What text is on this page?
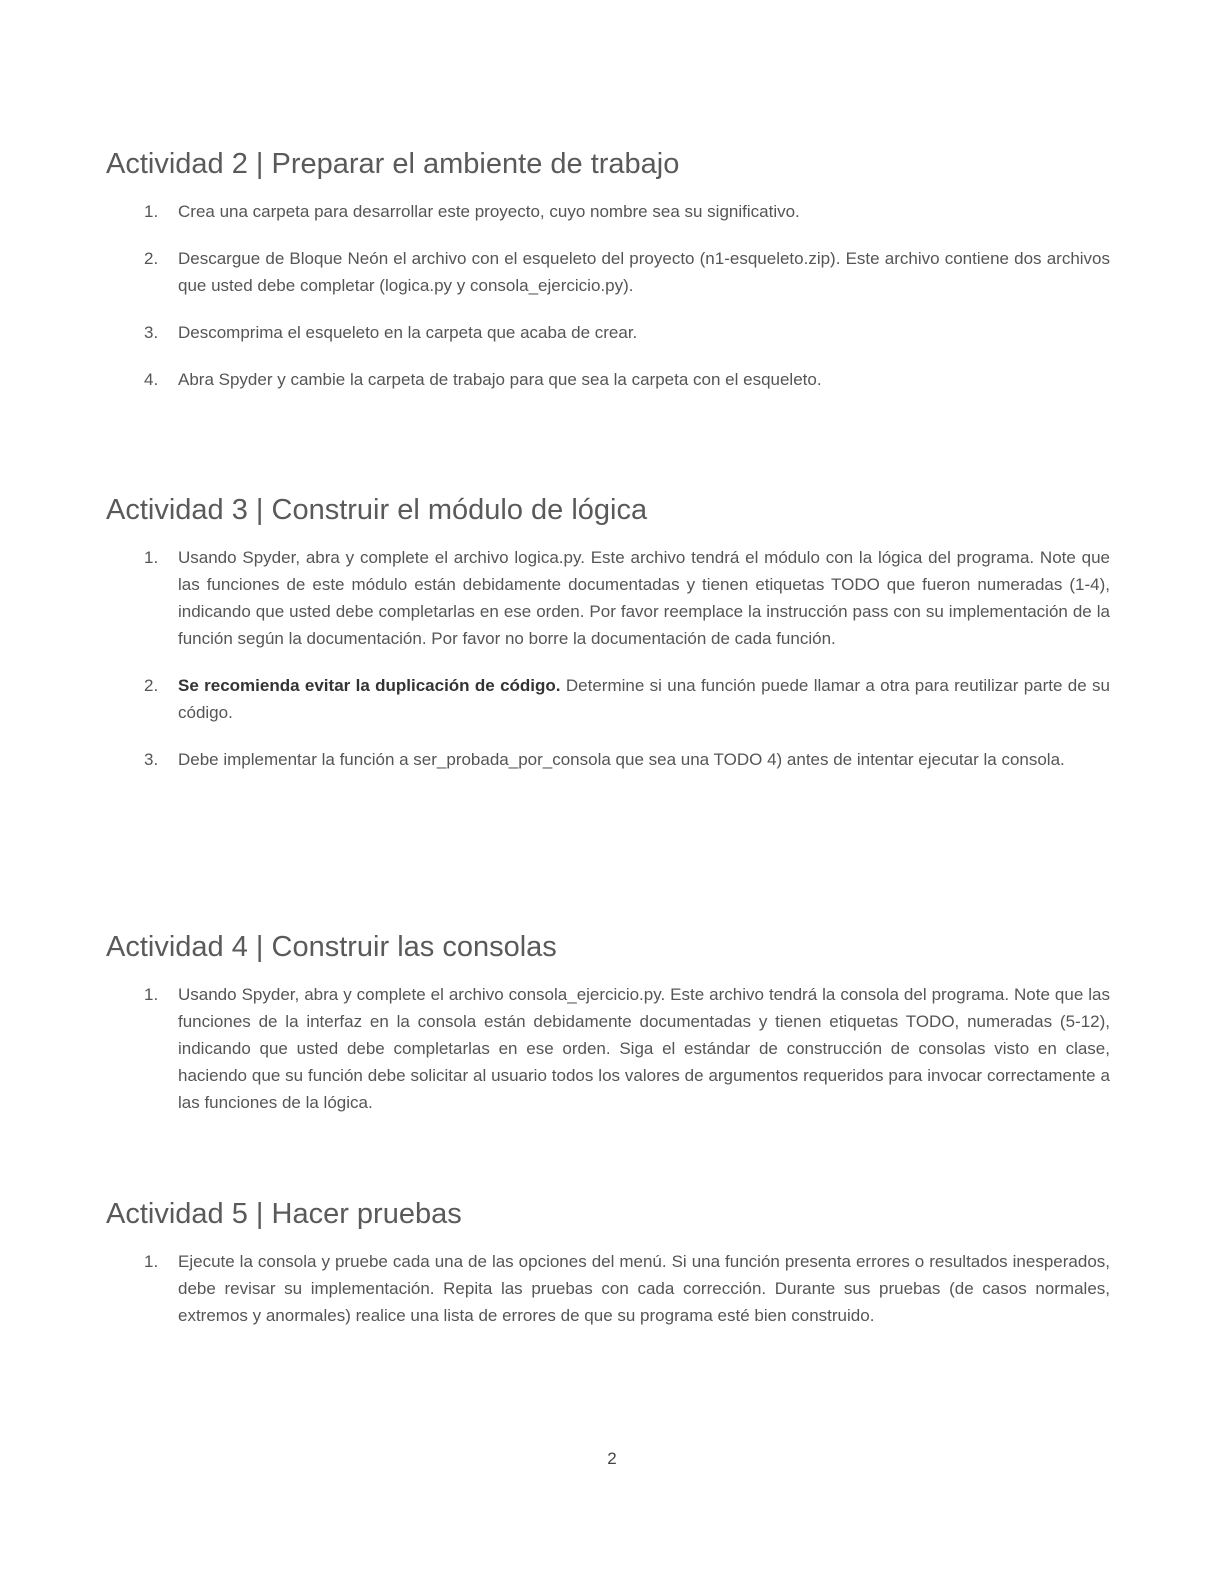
Actividad 2 | Preparar el ambiente de trabajo
1.	Crea una carpeta para desarrollar este proyecto, cuyo nombre sea su significativo.
2.	Descargue de Bloque Neón el archivo con el esqueleto del proyecto (n1-esqueleto.zip). Este archivo contiene dos archivos que usted debe completar (logica.py y consola_ejercicio.py).
3.	Descomprima el esqueleto en la carpeta que acaba de crear.
4.	Abra Spyder y cambie la carpeta de trabajo para que sea la carpeta con el esqueleto.
Actividad 3 | Construir el módulo de lógica
1.	Usando Spyder, abra y complete el archivo logica.py. Este archivo tendrá el módulo con la lógica del programa. Note que las funciones de este módulo están debidamente documentadas y tienen etiquetas TODO que fueron numeradas (1-4), indicando que usted debe completarlas en ese orden. Por favor reemplace la instrucción pass con su implementación de la función según la documentación. Por favor no borre la documentación de cada función.
2.	Se recomienda evitar la duplicación de código. Determine si una función puede llamar a otra para reutilizar parte de su código.
3.	Debe implementar la función a ser_probada_por_consola que sea una TODO 4) antes de intentar ejecutar la consola.
Actividad 4 | Construir las consolas
1.	Usando Spyder, abra y complete el archivo consola_ejercicio.py. Este archivo tendrá la consola del programa. Note que las funciones de la interfaz en la consola están debidamente documentadas y tienen etiquetas TODO, numeradas (5-12), indicando que usted debe completarlas en ese orden. Siga el estándar de construcción de consolas visto en clase, haciendo que su función debe solicitar al usuario todos los valores de argumentos requeridos para invocar correctamente a las funciones de la lógica.
Actividad 5 | Hacer pruebas
1.	Ejecute la consola y pruebe cada una de las opciones del menú. Si una función presenta errores o resultados inesperados, debe revisar su implementación. Repita las pruebas con cada corrección. Durante sus pruebas (de casos normales, extremos y anormales) realice una lista de errores de que su programa esté bien construido.
2
